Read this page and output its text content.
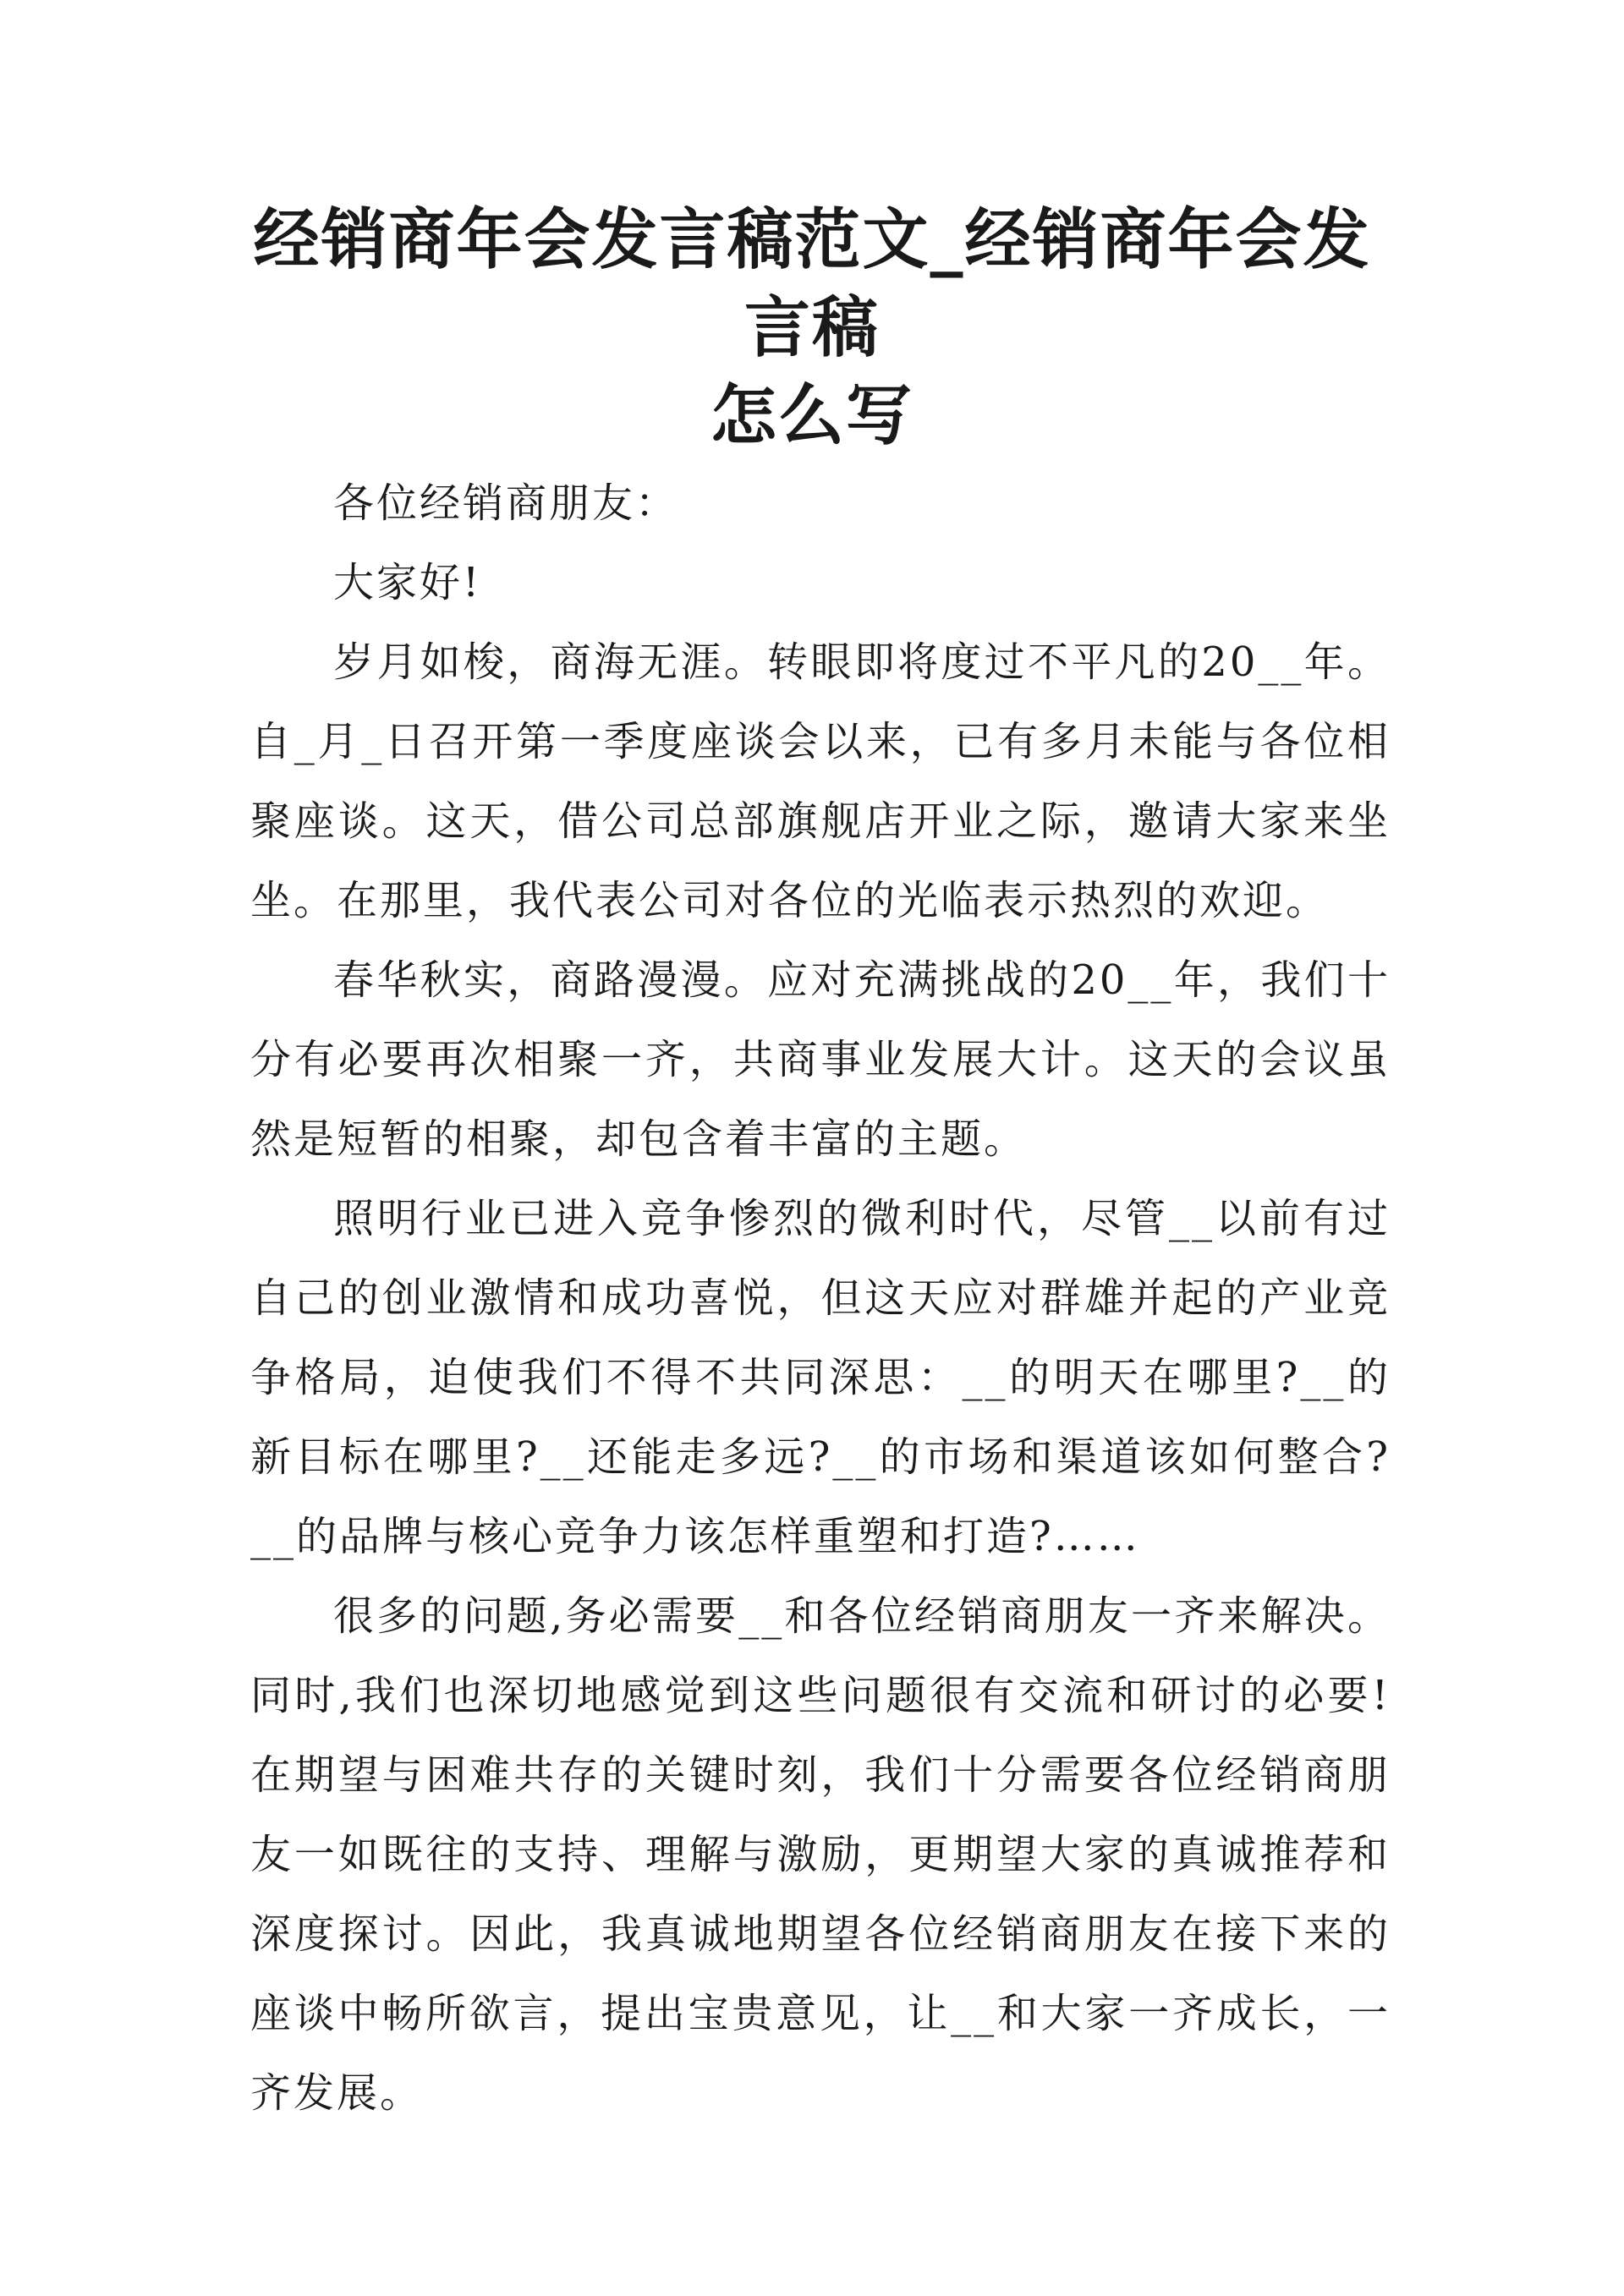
经销商年会发言稿范文_经销商年会发言稿
怎么写

各位经销商朋友：

大家好!

岁月如梭，商海无涯。转眼即将度过不平凡的20__年。自_月_日召开第一季度座谈会以来，已有多月未能与各位相聚座谈。这天，借公司总部旗舰店开业之际，邀请大家来坐坐。在那里，我代表公司对各位的光临表示热烈的欢迎。

春华秋实，商路漫漫。应对充满挑战的20__年，我们十分有必要再次相聚一齐，共商事业发展大计。这天的会议虽然是短暂的相聚，却包含着丰富的主题。

照明行业已进入竞争惨烈的微利时代，尽管__以前有过自己的创业激情和成功喜悦，但这天应对群雄并起的产业竞争格局，迫使我们不得不共同深思：__的明天在哪里?__的新目标在哪里?__还能走多远?__的市场和渠道该如何整合?__的品牌与核心竞争力该怎样重塑和打造?……

很多的问题,务必需要__和各位经销商朋友一齐来解决。同时,我们也深切地感觉到这些问题很有交流和研讨的必要!在期望与困难共存的关键时刻，我们十分需要各位经销商朋友一如既往的支持、理解与激励，更期望大家的真诚推荐和深度探讨。因此，我真诚地期望各位经销商朋友在接下来的座谈中畅所欲言，提出宝贵意见，让__和大家一齐成长，一齐发展。
